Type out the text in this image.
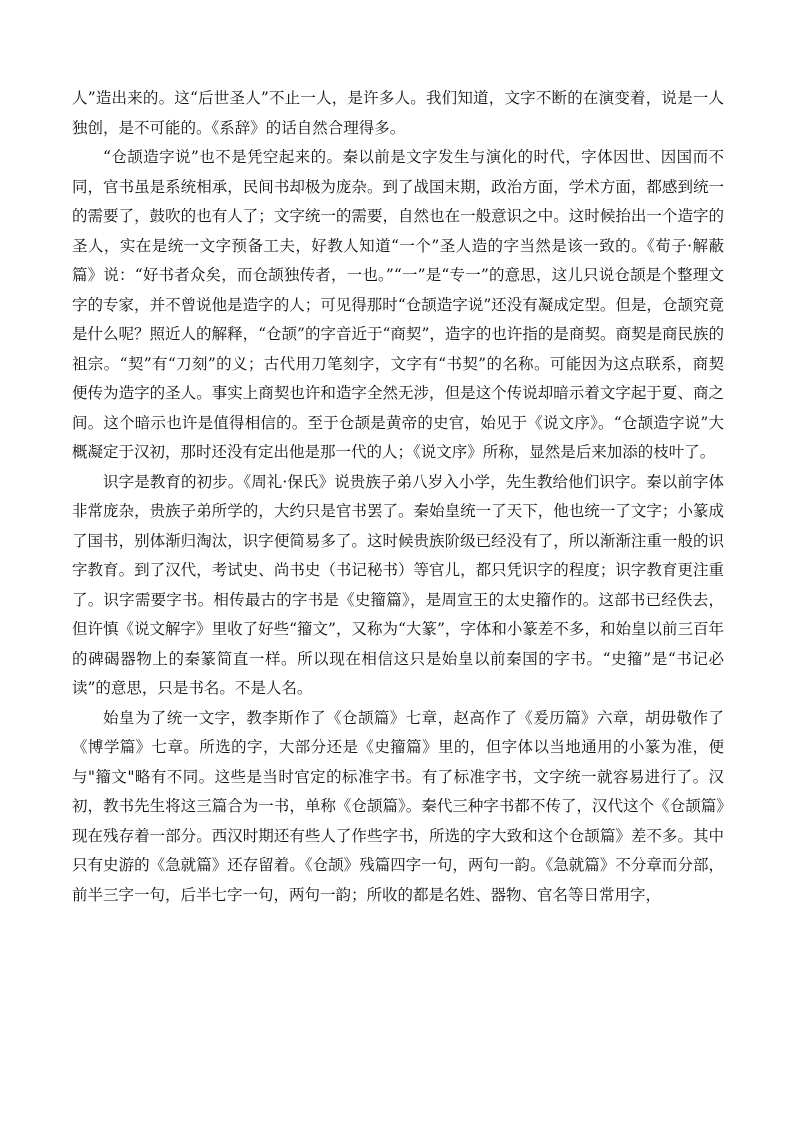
人”造出来的。这“后世圣人”不止一人，是许多人。我们知道，文字不断的在演变着，说是一人独创，是不可能的。《系辞》的话自然合理得多。

“仓颉造字说”也不是凭空起来的。秦以前是文字发生与演化的时代，字体因世、因国而不同，官书虽是系统相承，民间书却极为庞杂。到了战国末期，政治方面，学术方面，都感到统一的需要了，鼓吹的也有人了；文字统一的需要，自然也在一般意识之中。这时候抬出一个造字的圣人，实在是统一文字预备工夫，好教人知道“一个”圣人造的字当然是该一致的。《荀子·解蔽篇》说：“好书者众矣，而仓颉独传者，一也。”“一”是“专一”的意思，这儿只说仓颉是个整理文字的专家，并不曾说他是造字的人；可见得那时“仓颉造字说”还没有凝成定型。但是，仓颉究竟是什么呢？照近人的解释，“仓颉”的字音近于“商契”，造字的也许指的是商契。商契是商民族的祖宗。“契”有“刀刻”的义；古代用刀笔刻字，文字有“书契”的名称。可能因为这点联系，商契便传为造字的圣人。事实上商契也许和造字全然无涉，但是这个传说却暗示着文字起于夏、商之间。这个暗示也许是值得相信的。至于仓颉是黄帝的史官，始见于《说文序》。“仓颉造字说”大概凝定于汉初，那时还没有定出他是那一代的人；《说文序》所称，显然是后来加添的枝叶了。

识字是教育的初步。《周礼·保氏》说贵族子弟八岁入小学，先生教给他们识字。秦以前字体非常庞杂，贵族子弟所学的，大约只是官书罢了。秦始皇统一了天下，他也统一了文字；小篆成了国书，别体渐归淘汰，识字便简易多了。这时候贵族阶级已经没有了，所以渐渐注重一般的识字教育。到了汉代，考试史、尚书史（书记秘书）等官儿，都只凭识字的程度；识字教育更注重了。识字需要字书。相传最古的字书是《史籀篇》，是周宣王的太史籀作的。这部书已经佚去，但许慎《说文解字》里收了好些“籀文”，又称为“大篆”，字体和小篆差不多，和始皇以前三百年的碑碣器物上的秦篆简直一样。所以现在相信这只是始皇以前秦国的字书。“史籀”是“书记必读”的意思，只是书名。不是人名。

始皇为了统一文字，教李斯作了《仓颉篇》七章，赵高作了《爰历篇》六章，胡毋敬作了《博学篇》七章。所选的字，大部分还是《史籀篇》里的，但字体以当地通用的小篆为准，便与"籀文"略有不同。这些是当时官定的标准字书。有了标准字书，文字统一就容易进行了。汉初，教书先生将这三篇合为一书，单称《仓颉篇》。秦代三种字书都不传了，汉代这个《仓颉篇》现在残存着一部分。西汉时期还有些人了作些字书，所选的字大致和这个仓颉篇》差不多。其中只有史游的《急就篇》还存留着。《仓颉》残篇四字一句，两句一韵。《急就篇》不分章而分部，前半三字一句，后半七字一句，两句一韵；所收的都是名姓、器物、官名等日常用字，
